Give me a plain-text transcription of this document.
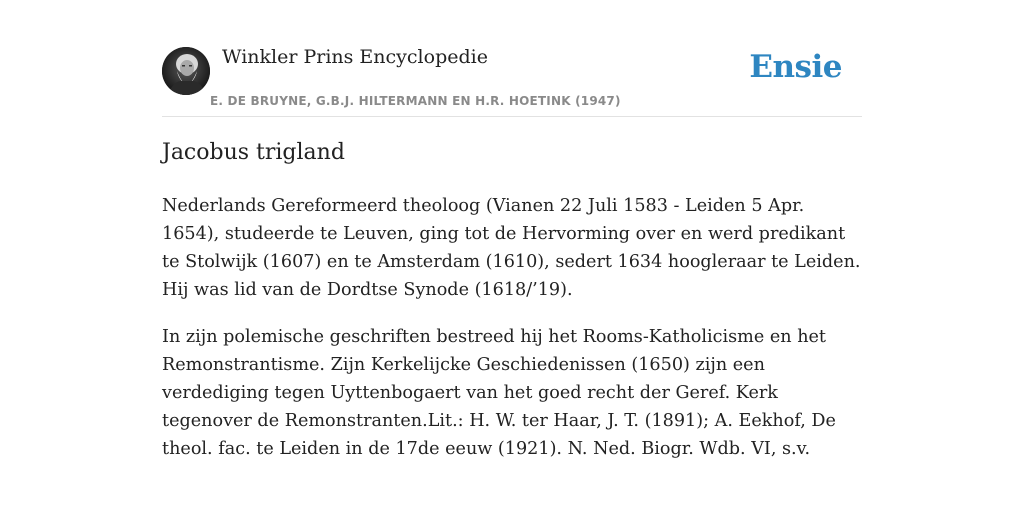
Winkler Prins Encyclopedie
E. DE BRUYNE, G.B.J. HILTERMANN EN H.R. HOETINK (1947)
Ensie
Jacobus trigland

Nederlands Gereformeerd theoloog (Vianen 22 Juli 1583 - Leiden 5 Apr. 1654), studeerde te Leuven, ging tot de Hervorming over en werd predikant te Stolwijk (1607) en te Amsterdam (1610), sedert 1634 hoogleraar te Leiden. Hij was lid van de Dordtse Synode (1618/’19).

In zijn polemische geschriften bestreed hij het Rooms-Katholicisme en het Remonstrantisme. Zijn Kerkelijcke Geschiedenissen (1650) zijn een verdediging tegen Uyttenbogaert van het goed recht der Geref. Kerk tegenover de Remonstranten.Lit.: H. W. ter Haar, J. T. (1891); A. Eekhof, De theol. fac. te Leiden in de 17de eeuw (1921). N. Ned. Biogr. Wdb. VI, s.v.
